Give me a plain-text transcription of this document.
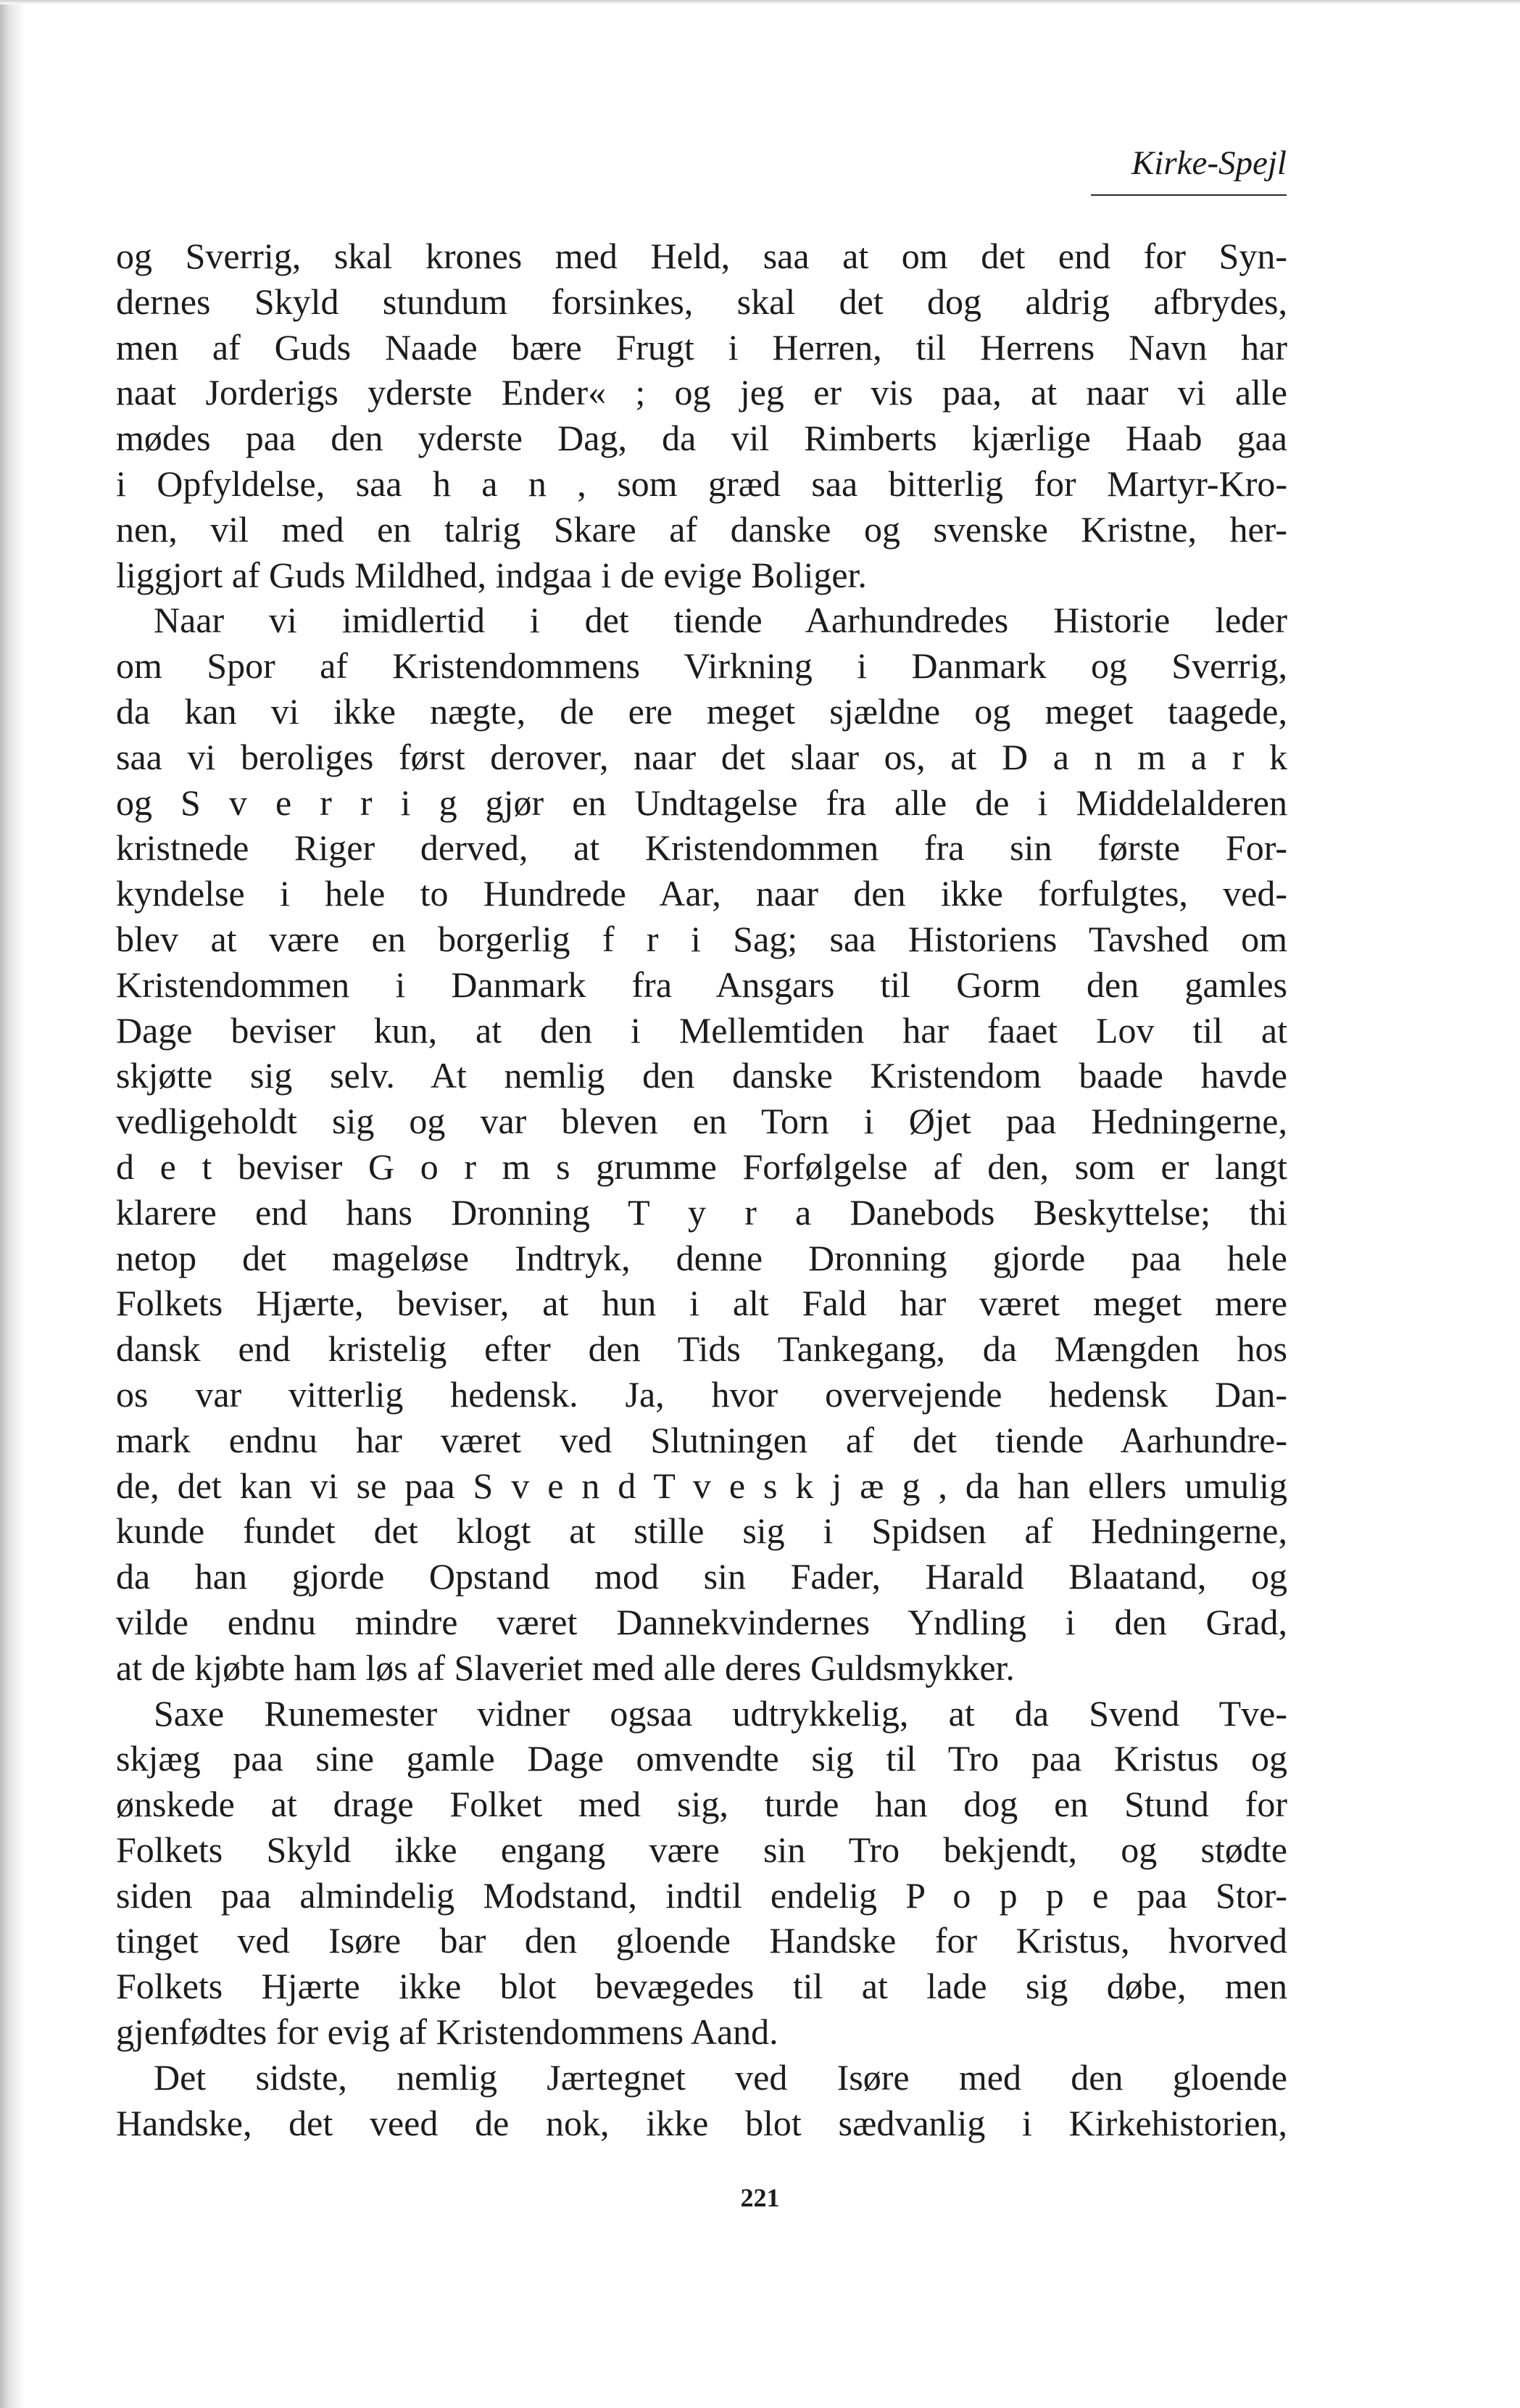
Kirke-Spejl
og Sverrig, skal krones med Held, saa at om det end for Syn-
dernes Skyld stundum forsinkes, skal det dog aldrig afbrydes,
men af Guds Naade bære Frugt i Herren, til Herrens Navn har
naat Jorderigs yderste Ender« ; og jeg er vis paa, at naar vi alle
mødes paa den yderste Dag, da vil Rimberts kjærlige Haab gaa
i Opfyldelse, saa h a n , som græd saa bitterlig for Martyr-Kro-
nen, vil med en talrig Skare af danske og svenske Kristne, her-
liggjort af Guds Mildhed, indgaa i de evige Boliger.
Naar vi imidlertid i det tiende Aarhundredes Historie leder
om Spor af Kristendommens Virkning i Danmark og Sverrig,
da kan vi ikke nægte, de ere meget sjældne og meget taagede,
saa vi beroliges først derover, naar det slaar os, at D a n m a r k
og S v e r r i g gjør en Undtagelse fra alle de i Middelalderen
kristnede Riger derved, at Kristendommen fra sin første For-
kyndelse i hele to Hundrede Aar, naar den ikke forfulgtes, ved-
blev at være en borgerlig f r i Sag; saa Historiens Tavshed om
Kristendommen i Danmark fra Ansgars til Gorm den gamles
Dage beviser kun, at den i Mellemtiden har faaet Lov til at
skjøtte sig selv. At nemlig den danske Kristendom baade havde
vedligeholdt sig og var bleven en Torn i Øjet paa Hedningerne,
d e t beviser G o r m s grumme Forfølgelse af den, som er langt
klarere end hans Dronning T y r a Danebods Beskyttelse; thi
netop det mageløse Indtryk, denne Dronning gjorde paa hele
Folkets Hjærte, beviser, at hun i alt Fald har været meget mere
dansk end kristelig efter den Tids Tankegang, da Mængden hos
os var vitterlig hedensk. Ja, hvor overvejende hedensk Dan-
mark endnu har været ved Slutningen af det tiende Aarhundre-
de, det kan vi se paa S v e n d T v e s k j æ g , da han ellers umulig
kunde fundet det klogt at stille sig i Spidsen af Hedningerne,
da han gjorde Opstand mod sin Fader, Harald Blaatand, og
vilde endnu mindre været Dannekvindernes Yndling i den Grad,
at de kjøbte ham løs af Slaveriet med alle deres Guldsmykker.
Saxe Runemester vidner ogsaa udtrykkelig, at da Svend Tve-
skjæg paa sine gamle Dage omvendte sig til Tro paa Kristus og
ønskede at drage Folket med sig, turde han dog en Stund for
Folkets Skyld ikke engang være sin Tro bekjendt, og stødte
siden paa almindelig Modstand, indtil endelig P o p p e paa Stor-
tinget ved Isøre bar den gloende Handske for Kristus, hvorved
Folkets Hjærte ikke blot bevægedes til at lade sig døbe, men
gjenfødtes for evig af Kristendommens Aand.
Det sidste, nemlig Jærtegnet ved Isøre med den gloende
Handske, det veed de nok, ikke blot sædvanlig i Kirkehistorien,
221
